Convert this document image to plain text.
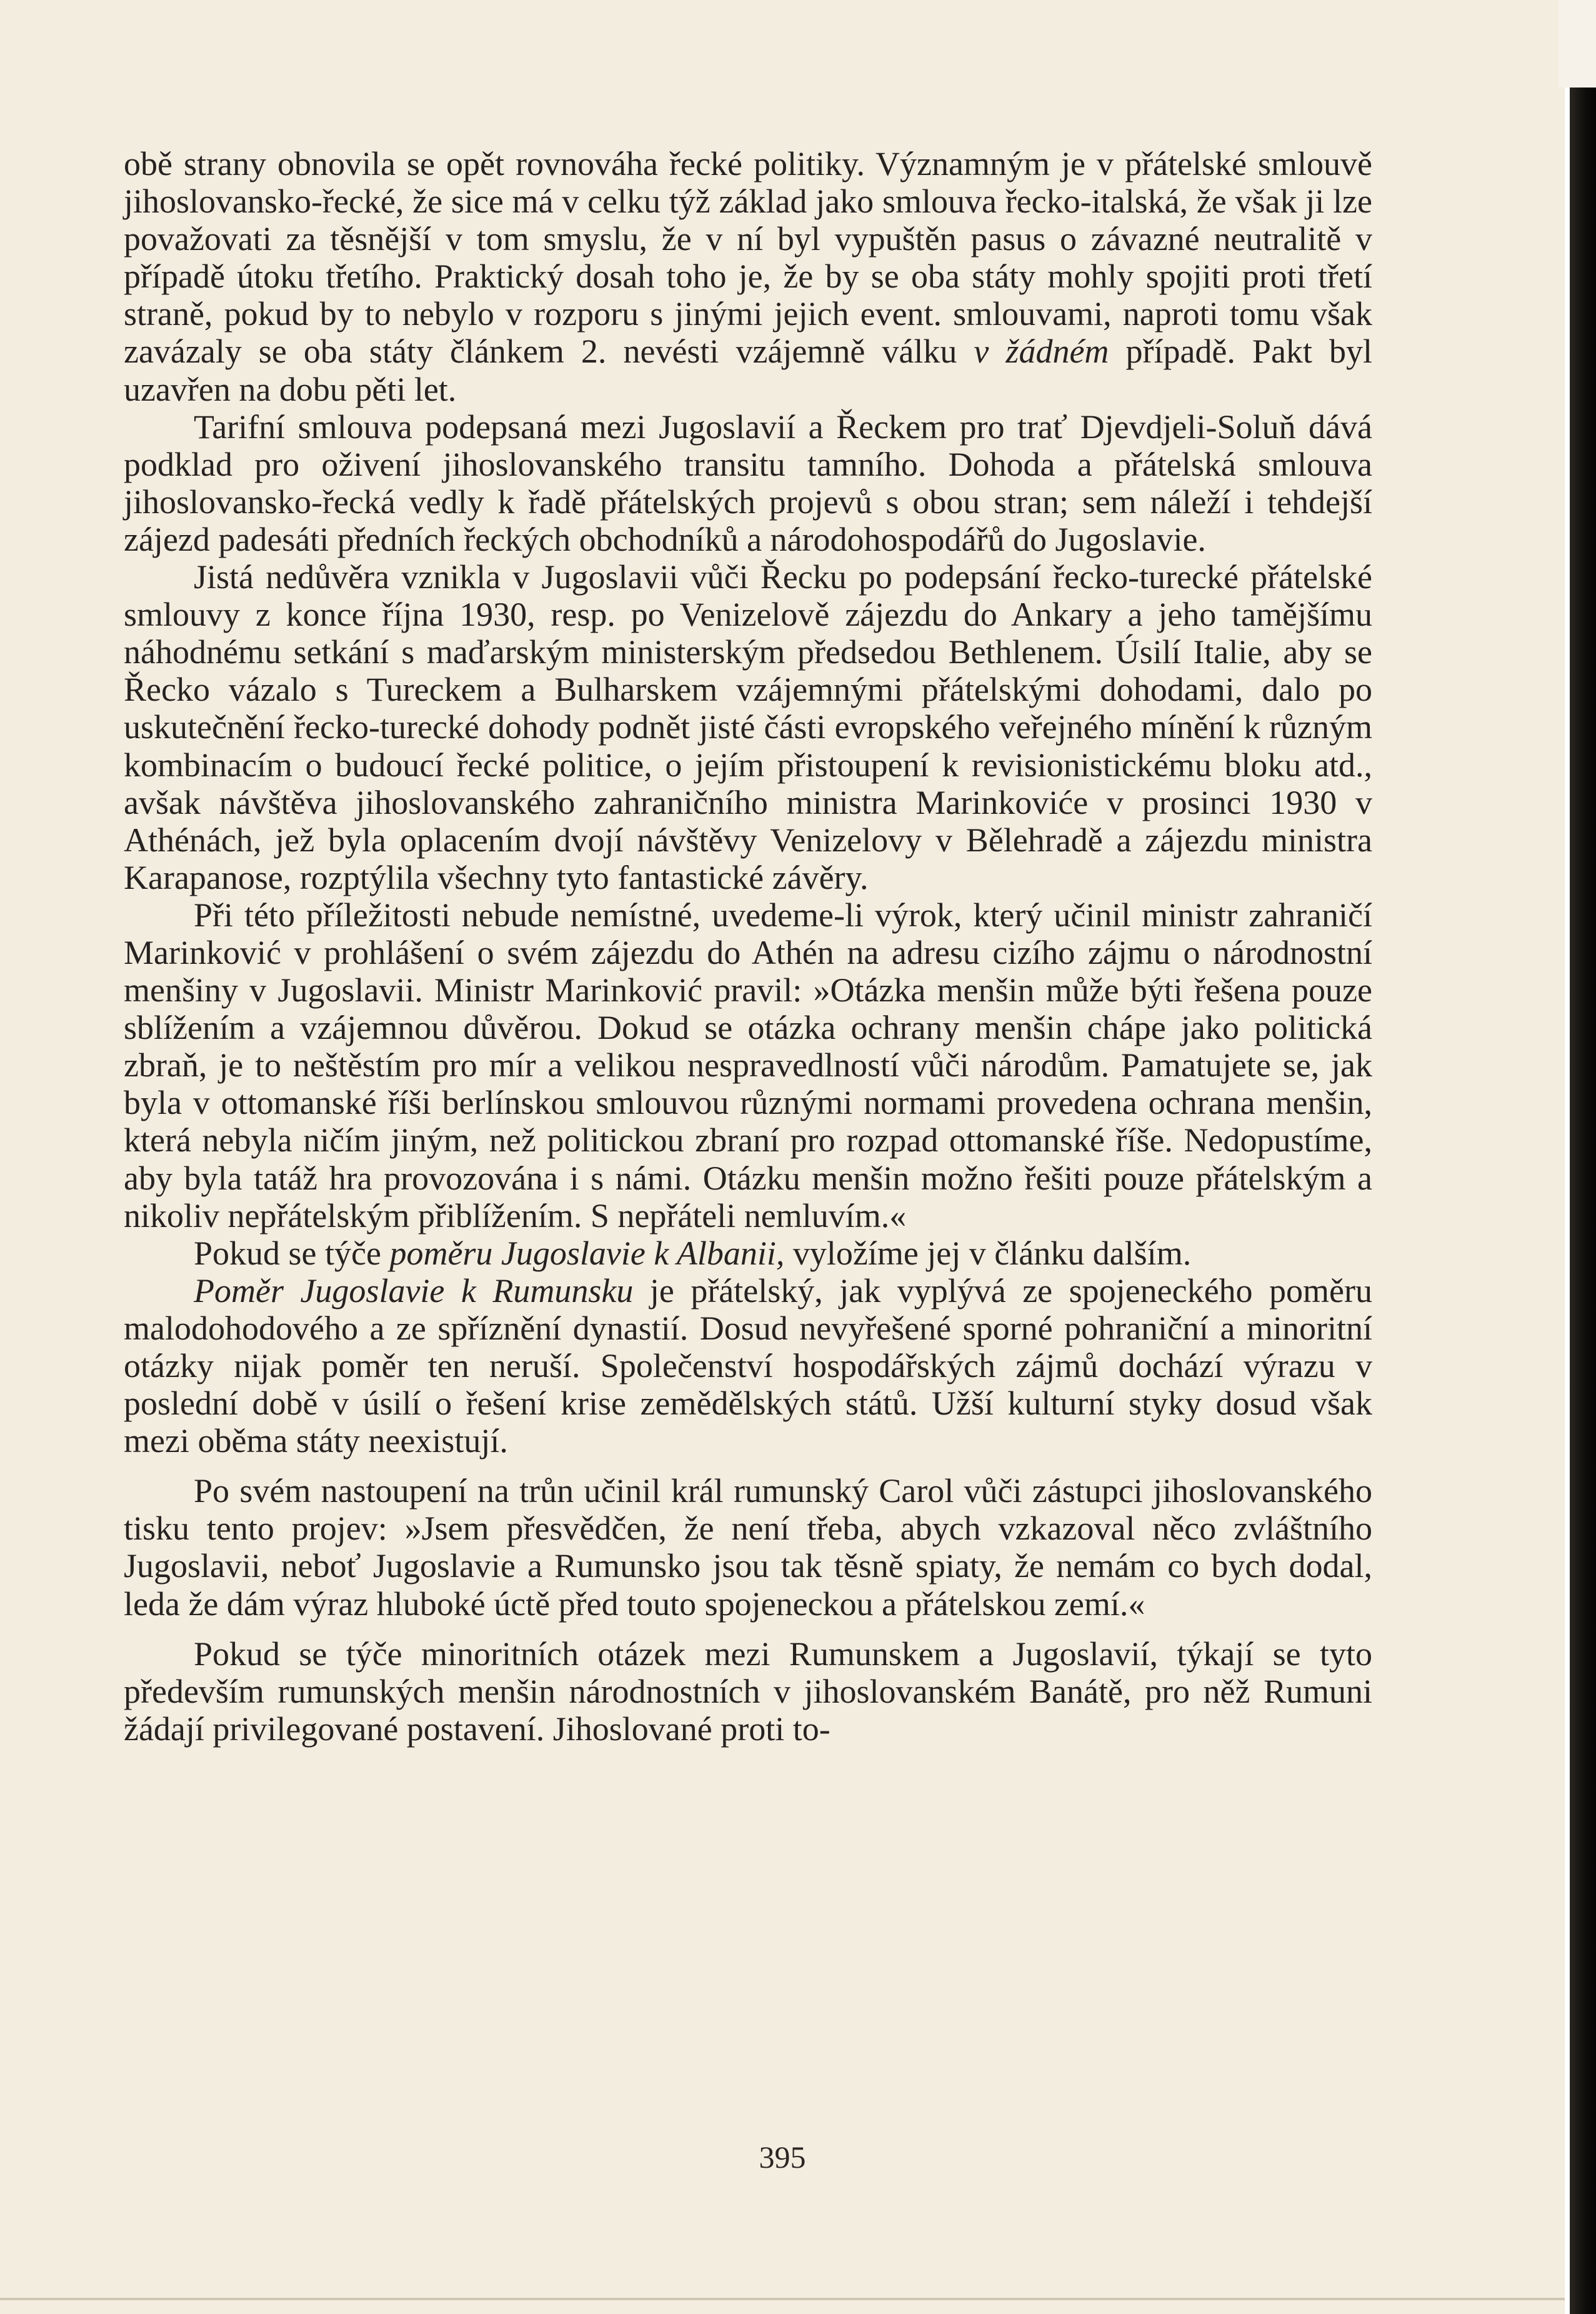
obě strany obnovila se opět rovnováha řecké politiky. Významným je v přátelské smlouvě jihoslovansko-řecké, že sice má v celku týž základ jako smlouva řecko-italská, že však ji lze považovati za těsnější v tom smyslu, že v ní byl vypuštěn pasus o závazné neutralitě v případě útoku třetího. Praktický dosah toho je, že by se oba státy mohly spojiti proti třetí straně, pokud by to nebylo v rozporu s jinými jejich event. smlouvami, naproti tomu však zavázaly se oba státy článkem 2. nevésti vzájemně válku v žádném případě. Pakt byl uzavřen na dobu pěti let.

Tarifní smlouva podepsaná mezi Jugoslavií a Řeckem pro trať Djevdjeli-Soluň dává podklad pro oživení jihoslovanského transitu tamního. Dohoda a přátelská smlouva jihoslovansko-řecká vedly k řadě přátelských projevů s obou stran; sem náleží i tehdejší zájezd padesáti předních řeckých obchodníků a národohospodářů do Jugoslavie.

Jistá nedůvěra vznikla v Jugoslavii vůči Řecku po podepsání řecko-turecké přátelské smlouvy z konce října 1930, resp. po Venizelově zájezdu do Ankary a jeho tamějšímu náhodnému setkání s maďarským ministerským předsedou Bethlenem. Úsilí Italie, aby se Řecko vázalo s Tureckem a Bulharskem vzájemnými přátelskými dohodami, dalo po uskutečnění řecko-turecké dohody podnět jisté části evropského veřejného mínění k různým kombinacím o budoucí řecké politice, o jejím přistoupení k revisionistickému bloku atd., avšak návštěva jihoslovanského zahraničního ministra Marinkoviće v prosinci 1930 v Athénách, jež byla oplacením dvojí návštěvy Venizelovy v Bělehradě a zájezdu ministra Karapanose, rozptýlila všechny tyto fantastické závěry.

Při této příležitosti nebude nemístné, uvedeme-li výrok, který učinil ministr zahraničí Marinković v prohlášení o svém zájezdu do Athén na adresu cizího zájmu o národnostní menšiny v Jugoslavii. Ministr Marinković pravil: »Otázka menšin může býti řešena pouze sblížením a vzájemnou důvěrou. Dokud se otázka ochrany menšin chápe jako politická zbraň, je to neštěstím pro mír a velikou nespravedlností vůči národům. Pamatujete se, jak byla v ottomanské říši berlínskou smlouvou různými normami provedena ochrana menšin, která nebyla ničím jiným, než politickou zbraní pro rozpad ottomanské říše. Nedopustíme, aby byla tatáž hra provozována i s námi. Otázku menšin možno řešiti pouze přátelským a nikoliv nepřátelským přiblížením. S nepřáteli nemluvím.«

Pokud se týče poměru Jugoslavie k Albanii, vyložíme jej v článku dalším.

Poměr Jugoslavie k Rumunsku je přátelský, jak vyplývá ze spojeneckého poměru malodohodového a ze spříznění dynastií. Dosud nevyřešené sporné pohraniční a minoritní otázky nijak poměr ten neruší. Společenství hospodářských zájmů dochází výrazu v poslední době v úsilí o řešení krise zemědělských států. Užší kulturní styky dosud však mezi oběma státy neexistují.

Po svém nastoupení na trůn učinil král rumunský Carol vůči zástupci jihoslovanského tisku tento projev: »Jsem přesvědčen, že není třeba, abych vzkazoval něco zvláštního Jugoslavii, neboť Jugoslavie a Rumunsko jsou tak těsně spiaty, že nemám co bych dodal, leda že dám výraz hluboké úctě před touto spojeneckou a přátelskou zemí.«

Pokud se týče minoritních otázek mezi Rumunskem a Jugoslavií, týkají se tyto především rumunských menšin národnostních v jihoslovanském Banátě, pro něž Rumuni žádají privilegované postavení. Jihoslované proti to-

395
